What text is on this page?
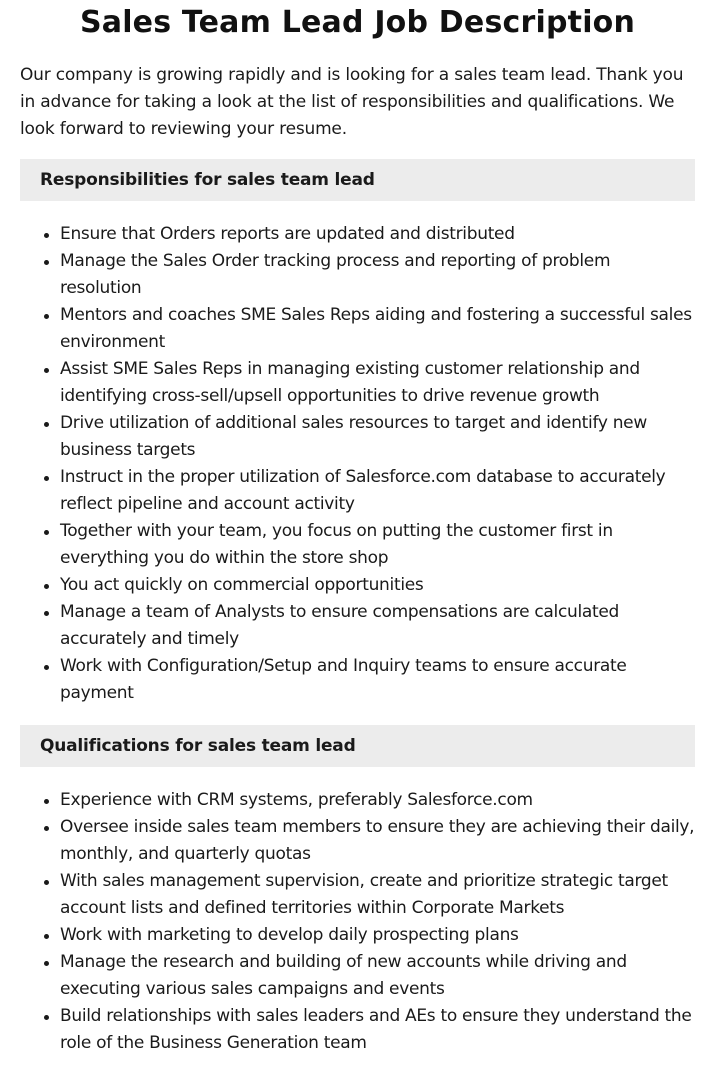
Sales Team Lead Job Description

Our company is growing rapidly and is looking for a sales team lead. Thank you in advance for taking a look at the list of responsibilities and qualifications. We look forward to reviewing your resume.

Responsibilities for sales team lead
Ensure that Orders reports are updated and distributed
Manage the Sales Order tracking process and reporting of problem resolution
Mentors and coaches SME Sales Reps aiding and fostering a successful sales environment
Assist SME Sales Reps in managing existing customer relationship and identifying cross-sell/upsell opportunities to drive revenue growth
Drive utilization of additional sales resources to target and identify new business targets
Instruct in the proper utilization of Salesforce.com database to accurately reflect pipeline and account activity
Together with your team, you focus on putting the customer first in everything you do within the store shop
You act quickly on commercial opportunities
Manage a team of Analysts to ensure compensations are calculated accurately and timely
Work with Configuration/Setup and Inquiry teams to ensure accurate payment
Qualifications for sales team lead
Experience with CRM systems, preferably Salesforce.com
Oversee inside sales team members to ensure they are achieving their daily, monthly, and quarterly quotas
With sales management supervision, create and prioritize strategic target account lists and defined territories within Corporate Markets
Work with marketing to develop daily prospecting plans
Manage the research and building of new accounts while driving and executing various sales campaigns and events
Build relationships with sales leaders and AEs to ensure they understand the role of the Business Generation team
